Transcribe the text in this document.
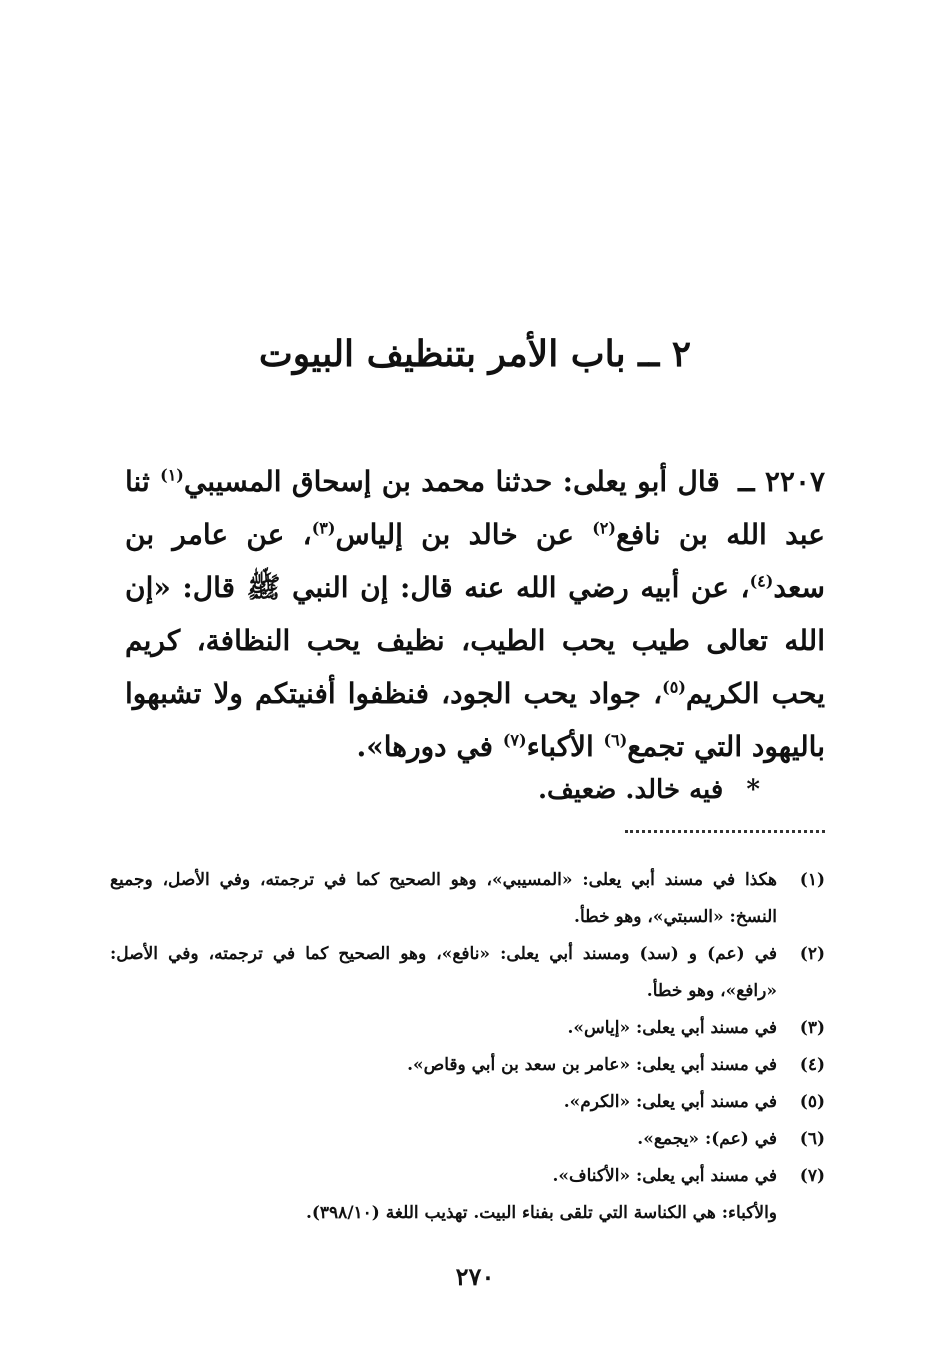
٢ ــ باب الأمر بتنظيف البيوت

٢٢٠٧ ــ قال أبو يعلى: حدثنا محمد بن إسحاق المسيبي$^{(١)}$ ثنا عبد الله بن نافع$^{(٢)}$ عن خالد بن إلياس$^{(٣)}$، عن عامر بن سعد$^{(٤)}$، عن أبيه رضي الله عنه قال: إن النبي ﷺ قال: «إن الله تعالى طيب يحب الطيب، نظيف يحب النظافة، كريم يحب الكريم$^{(٥)}$، جواد يحب الجود، فنظفوا أفنيتكم ولا تشبهوا باليهود التي تجمع$^{(٦)}$ الأكباء$^{(٧)}$ في دورها».

* فيه خالد. ضعيف.
(١)
هكذا في مسند أبي يعلى: «المسيبي»، وهو الصحيح كما في ترجمته، وفي الأصل، وجميع النسخ: «السبتي»، وهو خطأ.
(٢)
في (عم) و (سد) ومسند أبي يعلى: «نافع»، وهو الصحيح كما في ترجمته، وفي الأصل: «رافع»، وهو خطأ.
(٣)
في مسند أبي يعلى: «إياس».
(٤)
في مسند أبي يعلى: «عامر بن سعد بن أبي وقاص».
(٥)
في مسند أبي يعلى: «الكرم».
(٦)
في (عم): «يجمع».
(٧)
في مسند أبي يعلى: «الأكناف».
والأكباء: هي الكناسة التي تلقى بفناء البيت. تهذيب اللغة (٣٩٨/١٠).
٢٧٠
